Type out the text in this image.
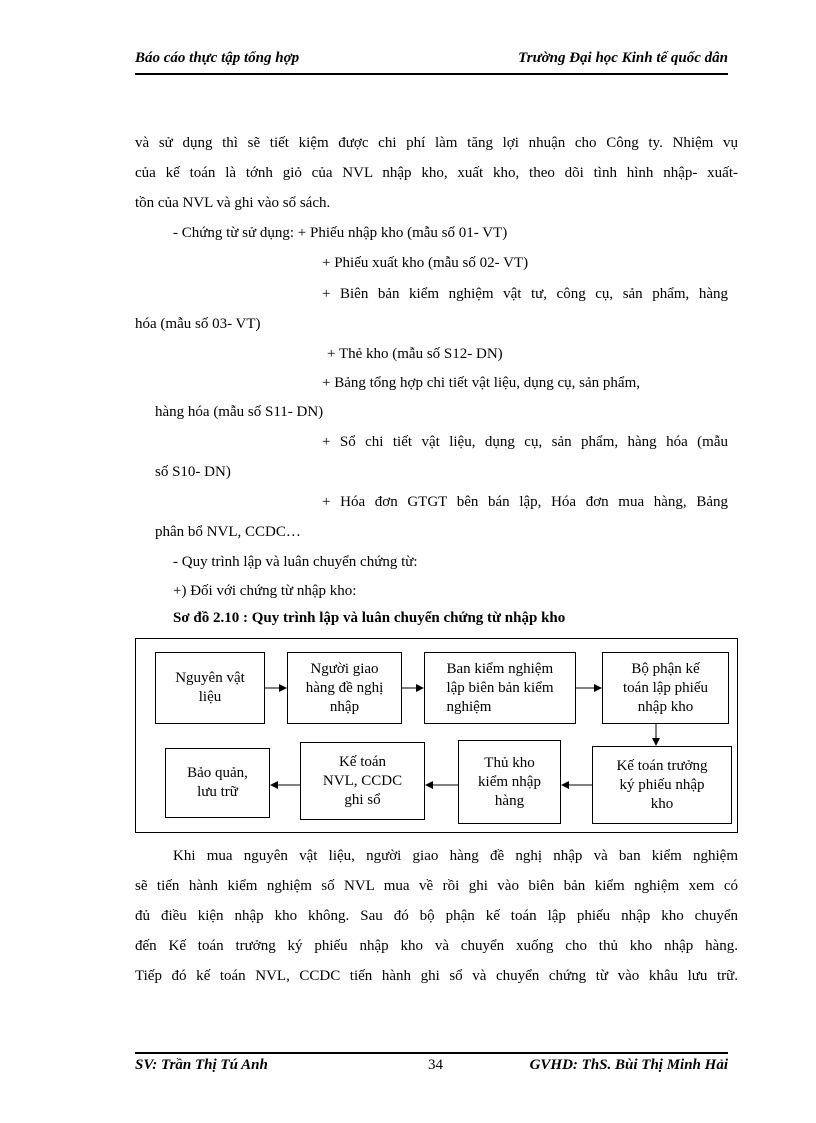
Báo cáo thực tập tổng hợp	Trường Đại học Kinh tế quốc dân
và sử dụng thì sẽ tiết kiệm được chi phí làm tăng lợi nhuận cho Công ty. Nhiệm vụ
của kế toán là tớnh giỏ của NVL nhập kho, xuất kho, theo dõi tình hình nhập- xuất-
tồn của NVL và ghi vào sổ sách.
- Chứng từ sử dụng: + Phiếu nhập kho (mẫu số 01- VT)
+ Phiếu xuất kho (mẫu số 02- VT)
+ Biên bản kiểm nghiệm vật tư, công cụ, sản phẩm, hàng
hóa (mẫu số 03- VT)
+ Thẻ kho (mẫu số S12- DN)
+ Bảng tổng hợp chi tiết vật liệu, dụng cụ, sản phẩm,
hàng hóa (mẫu số S11- DN)
+ Sổ chi tiết vật liệu, dụng cụ, sản phẩm, hàng hóa (mẫu
số S10- DN)
+ Hóa đơn GTGT bên bán lập, Hóa đơn mua hàng, Bảng
phân bổ NVL, CCDC…
- Quy trình lập và luân chuyển chứng từ:
+) Đối với chứng từ nhập kho:
Sơ đồ 2.10 : Quy trình lập và luân chuyển chứng từ nhập kho
Nguyên vật
liệu
Người giao
hàng đề nghị
nhập
Ban kiểm nghiệm
lập biên bản kiểm
nghiệm
Bộ phận kế
toán lập phiếu
nhập kho
Bảo quản,
lưu trữ
Kế toán
NVL, CCDC
ghi sổ
Thủ kho
kiểm nhập
hàng
Kế toán trưởng
ký phiếu nhập
kho
Khi mua nguyên vật liệu, người giao hàng đề nghị nhập và ban kiểm nghiệm
sẽ tiến hành kiểm nghiệm số NVL mua về rồi ghi vào biên bản kiểm nghiệm xem có
đủ điều kiện nhập kho không. Sau đó bộ phận kế toán lập phiếu nhập kho chuyển
đến Kế toán trưởng ký phiếu nhập kho và chuyển xuống cho thủ kho nhập hàng.
Tiếp đó kế toán NVL, CCDC tiến hành ghi sổ và chuyển chứng từ vào khâu lưu trữ.
SV: Trần Thị Tú Anh	34	GVHD: ThS. Bùi Thị Minh Hải
